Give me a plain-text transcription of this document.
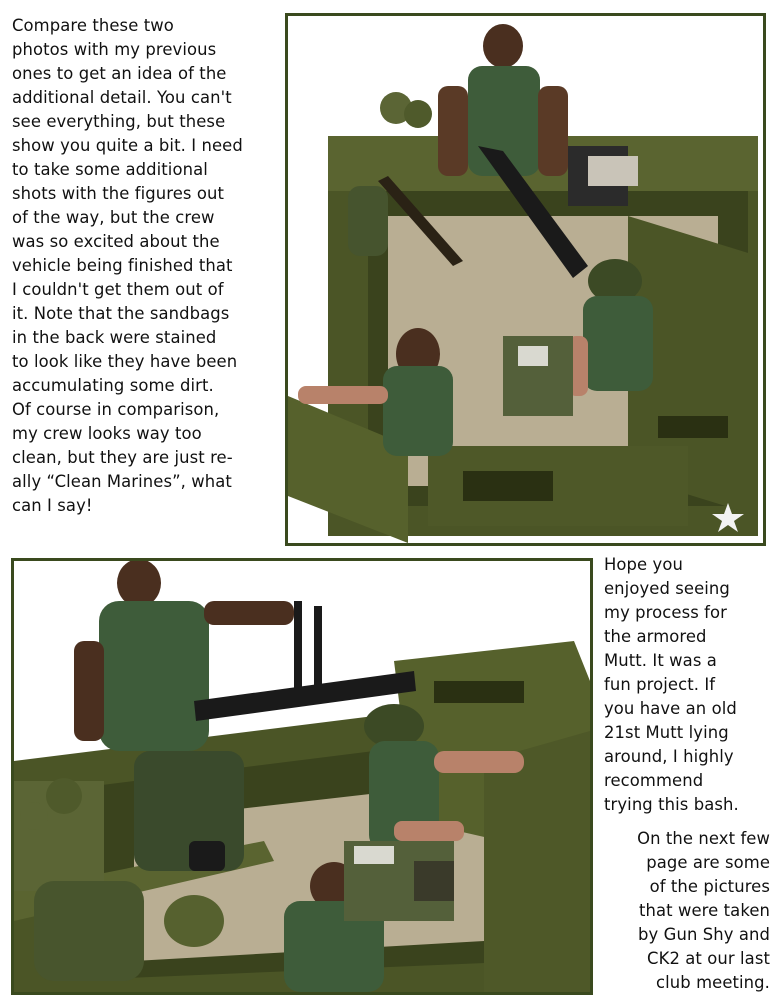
Compare these two
photos with my previous
ones to get an idea of the
additional detail. You can't
see everything, but these
show you quite a bit. I need
to take some additional
shots with the figures out
of the way, but the crew
was so excited about the
vehicle being finished that
I couldn't get them out of
it. Note that the sandbags
in the back were stained
to look like they have been
accumulating some dirt.
Of course in comparison,
my crew looks way too
clean, but they are just re-
ally “Clean Marines”, what
can I say!
Hope you
enjoyed seeing
my process for
the armored
Mutt. It was a
fun project. If
you have an old
21st Mutt lying
around, I highly
recommend
trying this bash.
On the next few
page are some
of the pictures
that were taken
by Gun Shy and
CK2 at our last
club meeting.
